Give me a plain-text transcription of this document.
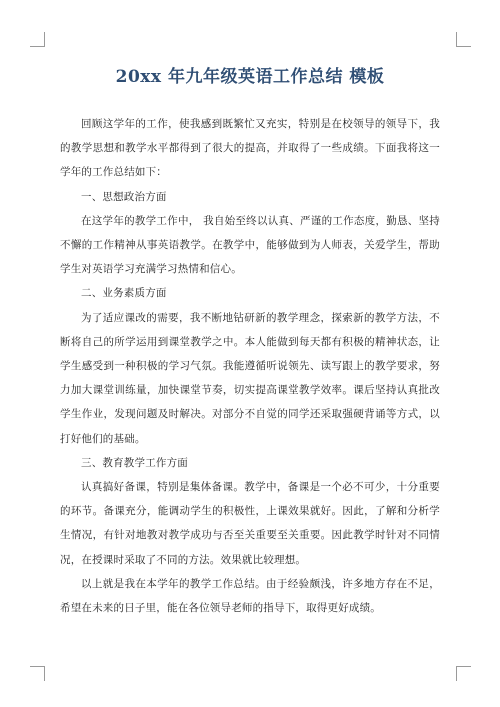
20xx 年九年级英语工作总结 模板

回顾这学年的工作，使我感到既繁忙又充实，特别是在校领导的领导下，我的教学思想和教学水平都得到了很大的提高，并取得了一些成绩。下面我将这一学年的工作总结如下：

一、思想政治方面

在这学年的教学工作中， 我自始至终以认真、严谨的工作态度，勤恳、坚持不懈的工作精神从事英语教学。在教学中，能够做到为人师表，关爱学生，帮助学生对英语学习充满学习热情和信心。

二、业务素质方面

为了适应课改的需要，我不断地钻研新的教学理念，探索新的教学方法，不断将自己的所学运用到课堂教学之中。本人能做到每天都有积极的精神状态，让学生感受到一种积极的学习气氛。我能遵循听说领先、读写跟上的教学要求，努力加大课堂训练量，加快课堂节奏，切实提高课堂教学效率。课后坚持认真批改学生作业，发现问题及时解决。对部分不自觉的同学还采取强硬背诵等方式，以打好他们的基础。

三、教育教学工作方面

认真搞好备课，特别是集体备课。教学中，备课是一个必不可少，十分重要的环节。备课充分，能调动学生的积极性，上课效果就好。因此，了解和分析学生情况，有针对地教对教学成功与否至关重要至关重要。因此教学时针对不同情况，在授课时采取了不同的方法。效果就比较理想。

以上就是我在本学年的教学工作总结。由于经验颇浅，许多地方存在不足，希望在未来的日子里，能在各位领导老师的指导下，取得更好成绩。
